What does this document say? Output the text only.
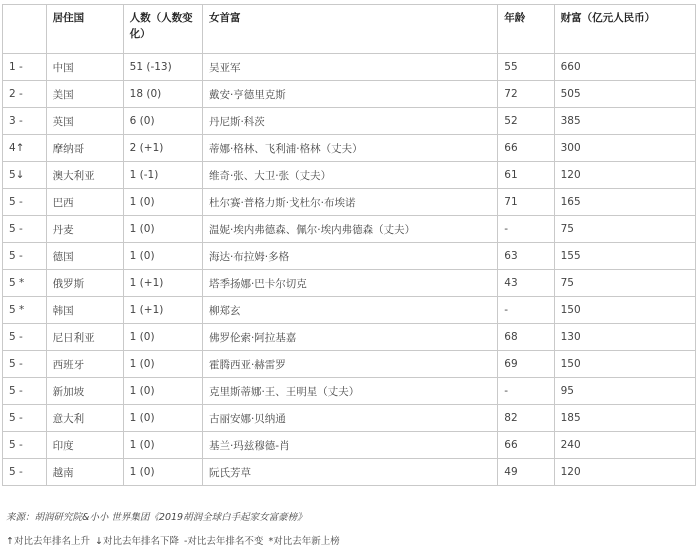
	居住国	人数（人数变化）	女首富	年龄	财富（亿元人民币）
1 -	中国	51 (-13)	吴亚军	55	660
2 -	美国	18 (0)	戴安·亨德里克斯	72	505
3 -	英国	6 (0)	丹尼斯·科茨	52	385
4↑	摩纳哥	2 (+1)	蒂娜·格林、飞利浦·格林（丈夫）	66	300
5↓	澳大利亚	1 (-1)	维奇·张、大卫·张（丈夫）	61	120
5 -	巴西	1 (0)	杜尔赛·普格力斯·戈杜尔·布埃诺	71	165
5 -	丹麦	1 (0)	温妮·埃内弗德森、佩尔·埃内弗德森（丈夫）	-	75
5 -	德国	1 (0)	海达·布拉姆·多格	63	155
5 *	俄罗斯	1 (+1)	塔季扬娜·巴卡尔切克	43	75
5 *	韩国	1 (+1)	柳郑玄	-	150
5 -	尼日利亚	1 (0)	佛罗伦索·阿拉基嘉	68	130
5 -	西班牙	1 (0)	霍腾西亚·赫雷罗	69	150
5 -	新加坡	1 (0)	克里斯蒂娜·王、王明星（丈夫）	-	95
5 -	意大利	1 (0)	古丽安娜·贝纳通	82	185
5 -	印度	1 (0)	基兰·玛兹穆德-肖	66	240
5 -	越南	1 (0)	阮氏芳草	49	120
来源：胡润研究院&小小 世界集团《2019胡润全球白手起家女富豪榜》
↑对比去年排名上升 ↓对比去年排名下降 -对比去年排名不变 *对比去年新上榜
